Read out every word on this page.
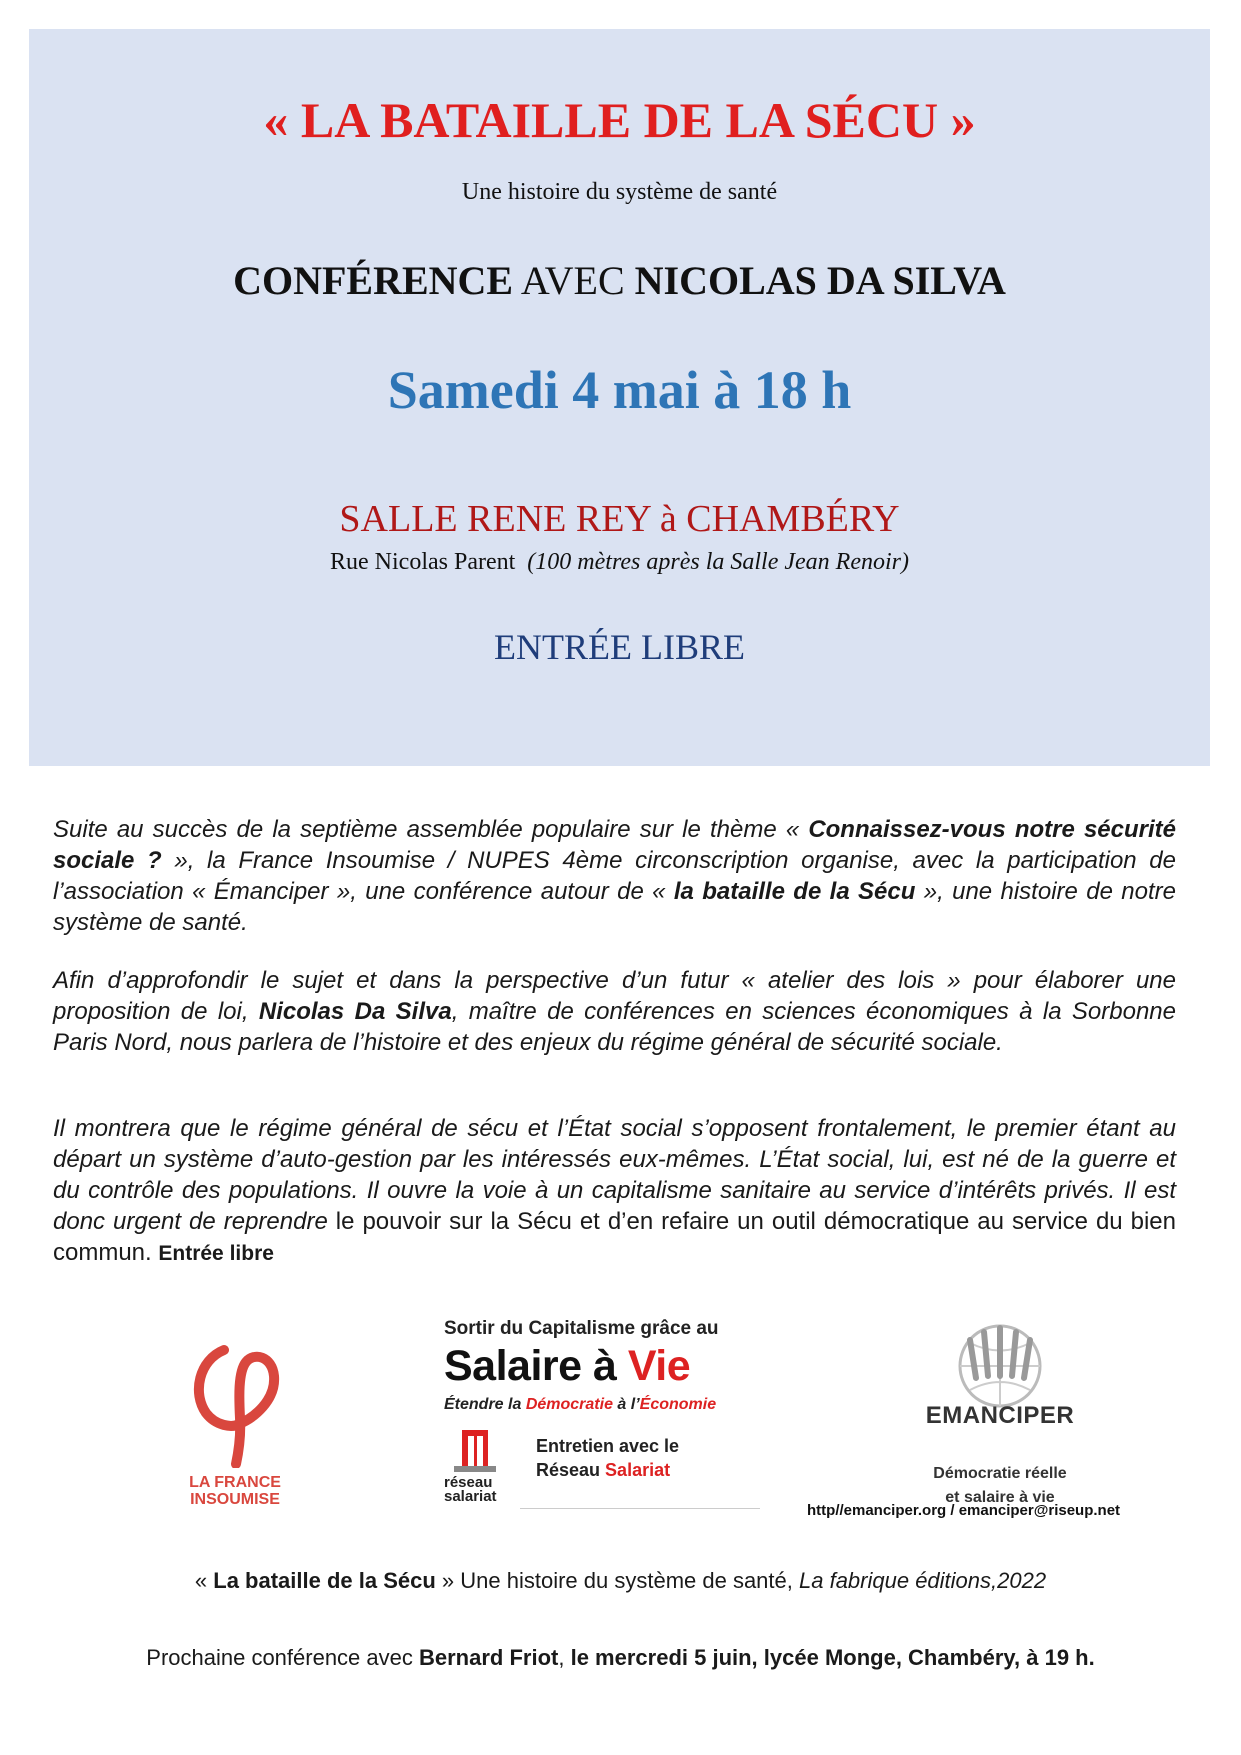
« LA BATAILLE DE LA SÉCU »
Une histoire du système de santé
CONFÉRENCE AVEC NICOLAS DA SILVA
Samedi 4 mai à 18 h
SALLE RENE REY à CHAMBÉRY
Rue Nicolas Parent (100 mètres après la Salle Jean Renoir)
ENTRÉE LIBRE
Suite au succès de la septième assemblée populaire sur le thème « Connaissez-vous notre sécurité sociale ? », la France Insoumise / NUPES 4ème circonscription organise, avec la participation de l’association « Émanciper », une conférence autour de « la bataille de la Sécu », une histoire de notre système de santé.
Afin d’approfondir le sujet et dans la perspective d’un futur « atelier des lois » pour élaborer une proposition de loi, Nicolas Da Silva, maître de conférences en sciences économiques à la Sorbonne Paris Nord, nous parlera de l’histoire et des enjeux du régime général de sécurité sociale.
Il montrera que le régime général de sécu et l’État social s’opposent frontalement, le premier étant au départ un système d’auto-gestion par les intéressés eux-mêmes. L’État social, lui, est né de la guerre et du contrôle des populations. Il ouvre la voie à un capitalisme sanitaire au service d’intérêts privés. Il est donc urgent de reprendre le pouvoir sur la Sécu et d’en refaire un outil démocratique au service du bien commun. Entrée libre
LA FRANCE
INSOUMISE
Sortir du Capitalisme grâce au
Salaire à Vie
Étendre la Démocratie à l’Économie
réseau
salariat
Entretien avec le
Réseau Salariat
EMANCIPER
Démocratie réelle
et salaire à vie
http//emanciper.org / emanciper@riseup.net
« La bataille de la Sécu » Une histoire du système de santé, La fabrique éditions,2022
Prochaine conférence avec Bernard Friot, le mercredi 5 juin, lycée Monge, Chambéry, à 19 h.
